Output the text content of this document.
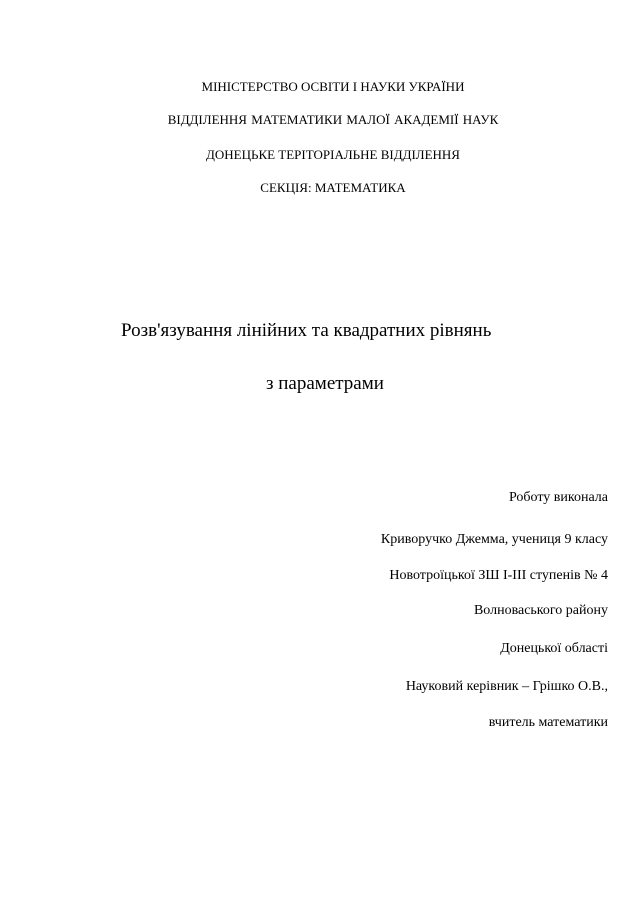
МІНІСТЕРСТВО ОСВІТИ І НАУКИ УКРАЇНИ
ВІДДІЛЕННЯ МАТЕМАТИКИ МАЛОЇ АКАДЕМІЇ НАУК
ДОНЕЦЬКЕ ТЕРІТОРІАЛЬНЕ ВІДДІЛЕННЯ
СЕКЦІЯ: МАТЕМАТИКА
Розв'язування лінійних та квадратних рівнянь
з параметрами
Роботу виконала
Криворучко Джемма, учениця 9 класу
Новотроїцької ЗШ І-ІІІ ступенів № 4
Волноваського району
Донецької області
Науковий керівник – Грішко О.В.,
вчитель математики
